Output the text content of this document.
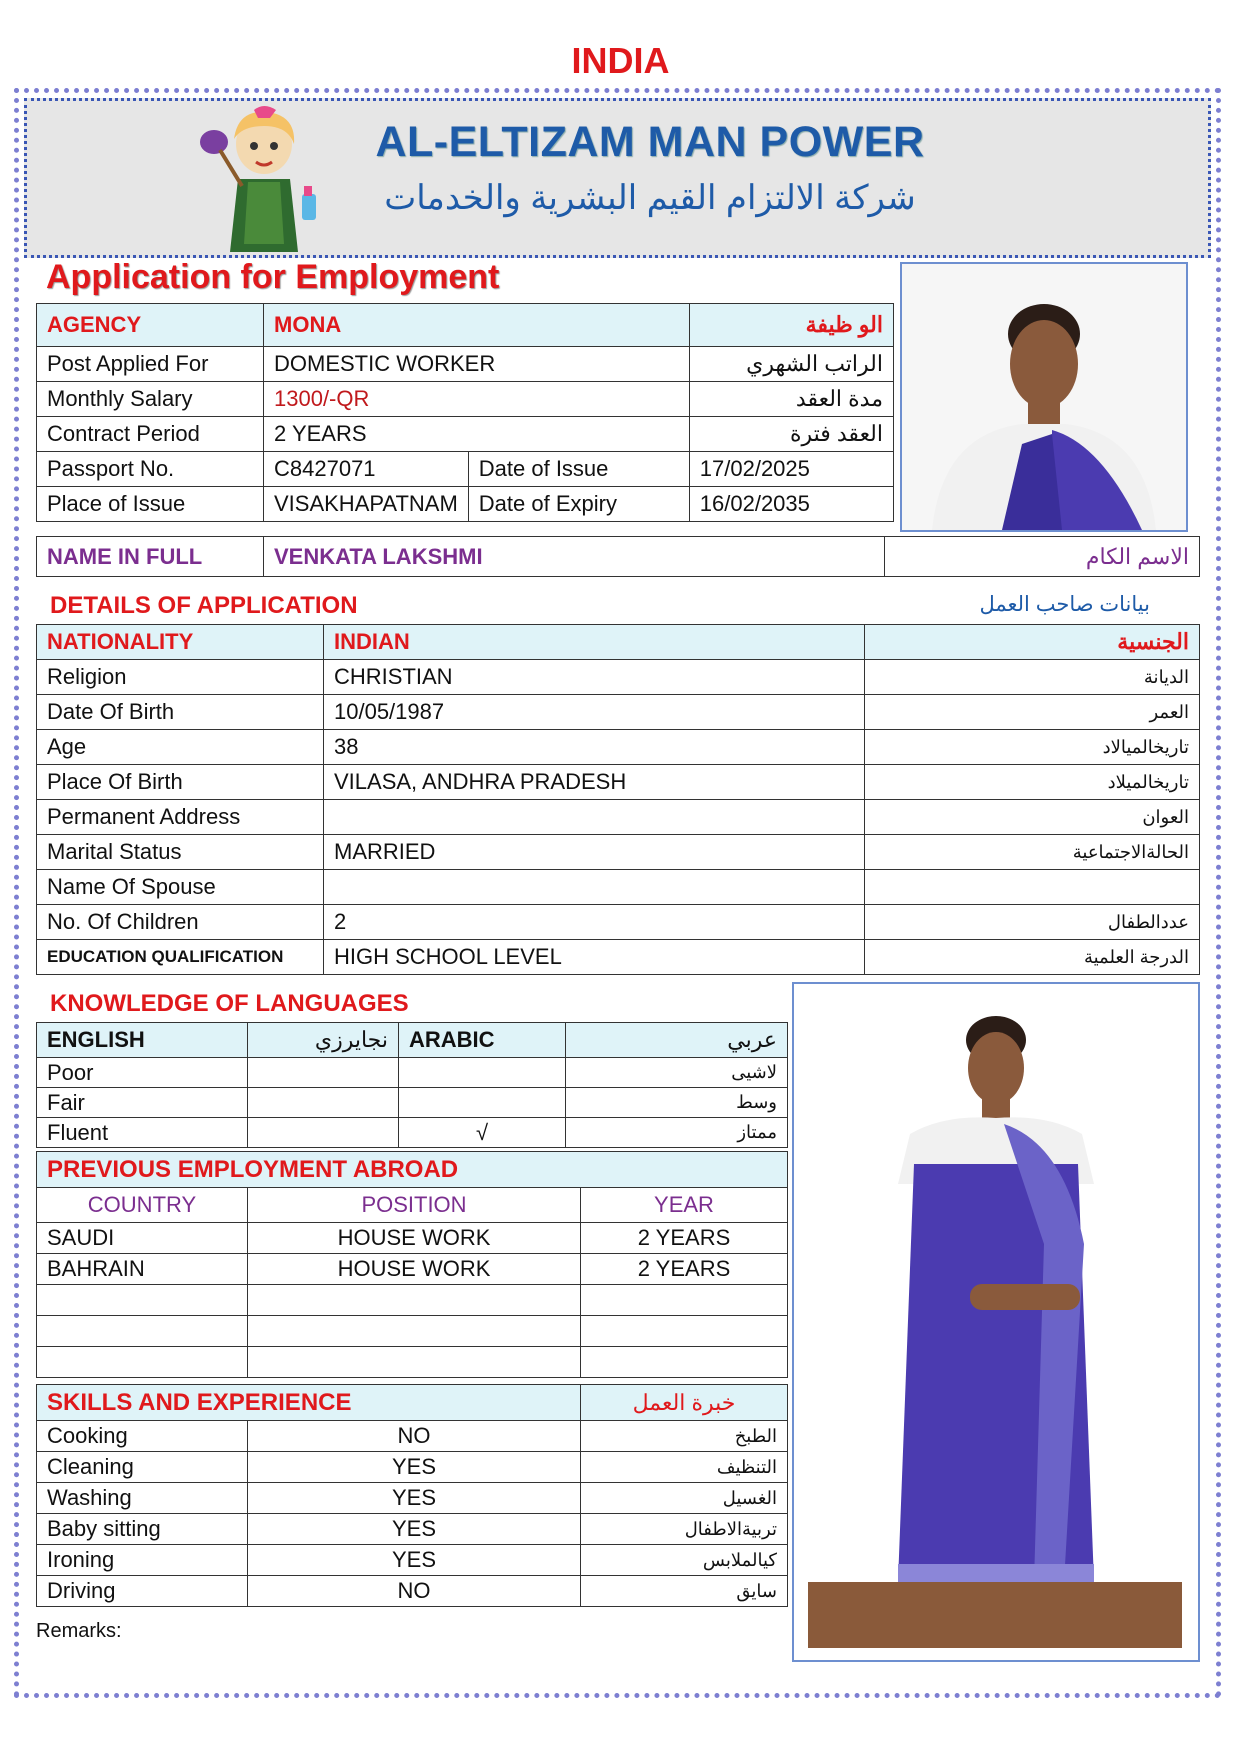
INDIA
AL-ELTIZAM MAN POWER
شركة الالتزام القيم البشرية والخدمات
Application for Employment
AGENCY	MONA		الو ظيفة
Post Applied For	DOMESTIC WORKER		الراتب الشهري
Monthly Salary	1300/-QR		مدة العقد
Contract Period	2 YEARS		العقد فترة
Passport No.	C8427071	Date of Issue	17/02/2025
Place of Issue	VISAKHAPATNAM	Date of Expiry	16/02/2035
NAME IN FULL	VENKATA LAKSHMI	الاسم الكام
DETAILS OF APPLICATION	بيانات صاحب العمل
NATIONALITY	INDIAN	الجنسية
Religion	CHRISTIAN	الديانة
Date Of Birth	10/05/1987	العمر
Age	38	تاريخالميالاد
Place Of Birth	VILASA, ANDHRA PRADESH	تاريخالميلاد
Permanent Address		العوان
Marital Status	MARRIED	الحالةالاجتماعية
Name Of Spouse		
No. Of Children	2	عددالطفال
EDUCATION QUALIFICATION	HIGH SCHOOL LEVEL	الدرجة العلمية
KNOWLEDGE OF LANGUAGES
ENGLISH	نجايرزي	ARABIC	عربي
Poor			لاشيى
Fair			وسط
Fluent		√	ممتاز
PREVIOUS EMPLOYMENT ABROAD		
COUNTRY	POSITION	YEAR
SAUDI	HOUSE WORK	2 YEARS
BAHRAIN	HOUSE WORK	2 YEARS

SKILLS AND EXPERIENCE		خبرة العمل
Cooking	NO	الطبخ
Cleaning	YES	التنظيف
Washing	YES	الغسيل
Baby sitting	YES	تربيةالاطفال
Ironing	YES	كيالملابس
Driving	NO	سايق
Remarks:
